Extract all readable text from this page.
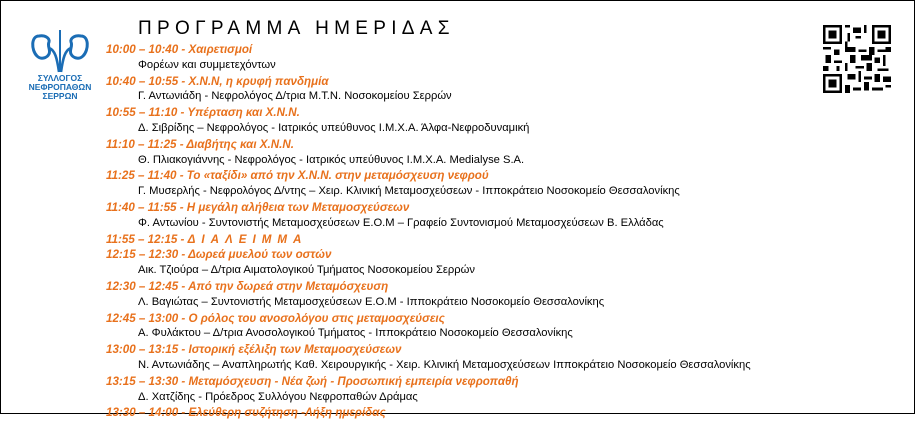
ΣΥΛΛΟΓΟΣ
ΝΕΦΡΟΠΑΘΩΝ
ΣΕΡΡΩΝ
ΠΡΟΓΡΑΜΜΑ ΗΜΕΡΙΔΑΣ
10:00 – 10:40 - Χαιρετισμοί
Φορέων και συμμετεχόντων
10:40 – 10:55 - Χ.Ν.Ν, η κρυφή πανδημία
Γ. Αντωνιάδη - Νεφρολόγος Δ/τρια Μ.Τ.Ν. Νοσοκομείου Σερρών
10:55 – 11:10 - Υπέρταση και Χ.Ν.Ν.
Δ. Σιβρίδης – Νεφρολόγος - Ιατρικός υπεύθυνος Ι.Μ.Χ.Α. Άλφα-Νεφροδυναμική
11:10 – 11:25 - Διαβήτης και Χ.Ν.Ν.
Θ. Πλιακογιάννης - Νεφρολόγος - Ιατρικός υπεύθυνος Ι.Μ.Χ.Α. Medialyse S.A.
11:25 – 11:40 - Το «ταξίδι» από την Χ.Ν.Ν. στην μεταμόσχευση νεφρού
Γ. Μυσερλής - Νεφρολόγος Δ/ντης – Χειρ. Κλινική Μεταμοσχεύσεων - Ιπποκράτειο Νοσοκομείο Θεσσαλονίκης
11:40 – 11:55 - Η μεγάλη αλήθεια των Μεταμοσχεύσεων
Φ. Αντωνίου - Συντονιστής Μεταμοσχεύσεων Ε.Ο.Μ – Γραφείο Συντονισμού Μεταμοσχεύσεων Β. Ελλάδας
11:55 – 12:15 - ΔΙΑΛΕΙΜΜΑ
12:15 – 12:30 - Δωρεά μυελού των οστών
Αικ. Τζιούρα – Δ/τρια Αιματολογικού Τμήματος Νοσοκομείου Σερρών
12:30 – 12:45 - Από την δωρεά στην Μεταμόσχευση
Λ. Βαγιώτας – Συντονιστής Μεταμοσχεύσεων Ε.Ο.Μ - Ιπποκράτειο Νοσοκομείο Θεσσαλονίκης
12:45 – 13:00 - Ο ρόλος του ανοσολόγου στις μεταμοσχεύσεις
Α. Φυλάκτου – Δ/τρια Ανοσολογικού Τμήματος - Ιπποκράτειο Νοσοκομείο Θεσσαλονίκης
13:00 – 13:15 - Ιστορική εξέλιξη των Μεταμοσχεύσεων
Ν. Αντωνιάδης – Αναπληρωτής Καθ. Χειρουργικής - Χειρ. Κλινική Μεταμοσχεύσεων Ιπποκράτειο Νοσοκομείο Θεσσαλονίκης
13:15 – 13:30 - Μεταμόσχευση - Νέα ζωή - Προσωπική εμπειρία νεφροπαθή
Δ. Χατζίδης - Πρόεδρος Συλλόγου Νεφροπαθών Δράμας
13:30 – 14:00 - Ελεύθερη συζήτηση -Λήξη ημερίδας
